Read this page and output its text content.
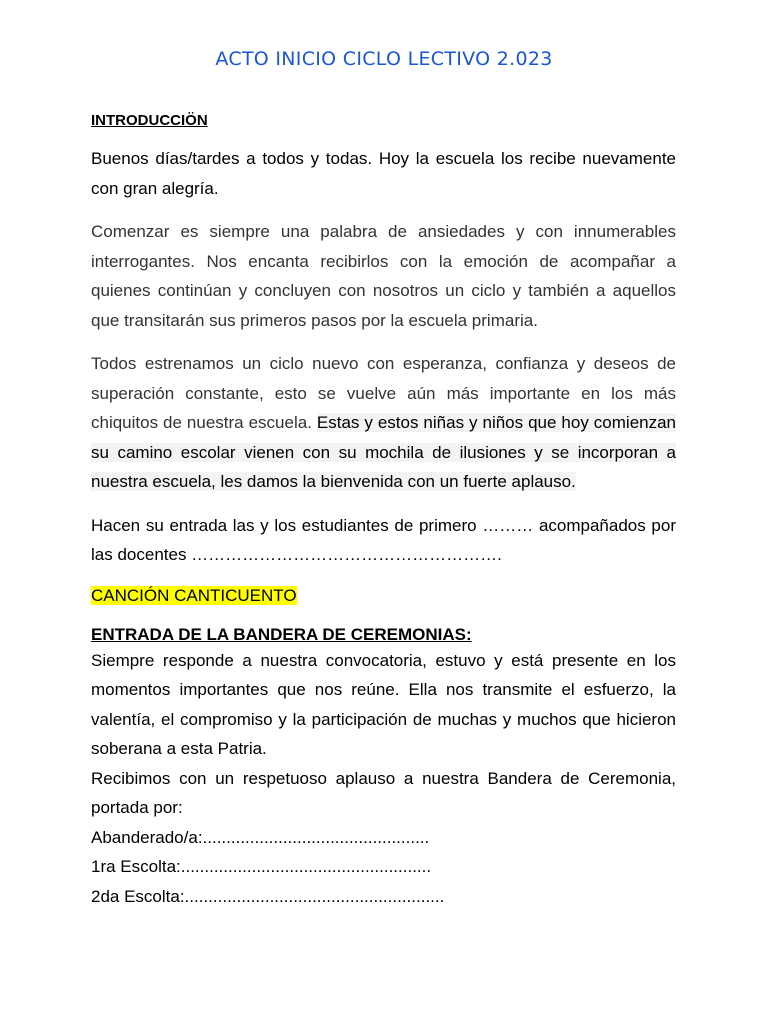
ACTO INICIO CICLO LECTIVO 2.023
INTRODUCCIÖN
Buenos días/tardes a todos y todas. Hoy la escuela los recibe nuevamente con gran alegría.
Comenzar es siempre una palabra de ansiedades y con innumerables interrogantes. Nos encanta recibirlos con la emoción de acompañar a quienes continúan y concluyen con nosotros un ciclo y también a aquellos que transitarán sus primeros pasos por la escuela primaria.
Todos estrenamos un ciclo nuevo con esperanza, confianza y deseos de superación constante, esto se vuelve aún más importante en los más chiquitos de nuestra escuela. Estas y estos niñas y niños que hoy comienzan su camino escolar vienen con su mochila de ilusiones y se incorporan a nuestra escuela, les damos la bienvenida con un fuerte aplauso.
Hacen su entrada las y los estudiantes de primero ……… acompañados por las docentes ……………………………………………….
CANCIÓN CANTICUENTO
ENTRADA DE LA BANDERA DE CEREMONIAS:
Siempre responde a nuestra convocatoria, estuvo y está presente en los momentos importantes que nos reúne. Ella nos transmite el esfuerzo, la valentía, el compromiso y la participación de muchas y muchos que hicieron soberana a esta Patria.
Recibimos con un respetuoso aplauso a nuestra Bandera de Ceremonia, portada por:
Abanderado/a:................................................
1ra Escolta:.....................................................
2da Escolta:.......................................................
